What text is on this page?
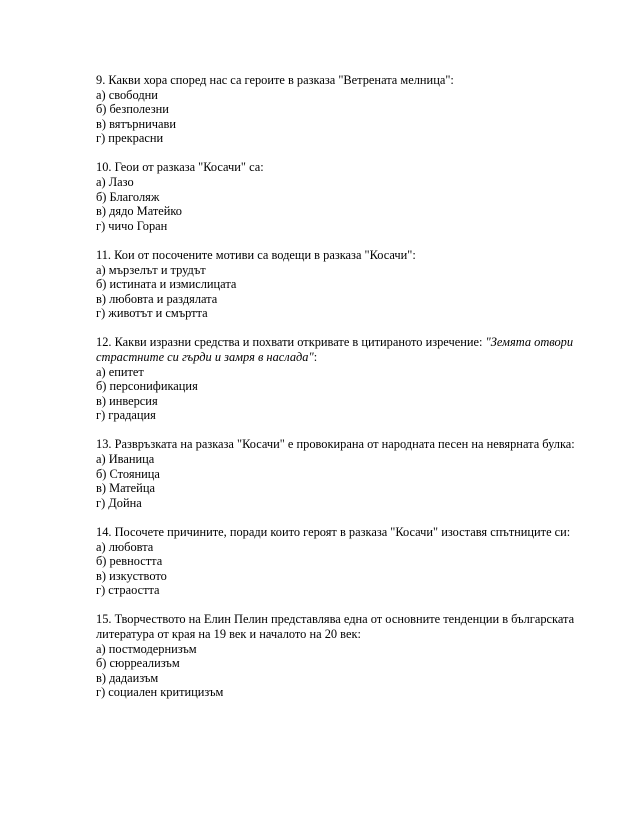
9. Какви хора според нас са героите в разказа "Ветрената мелница":
а) свободни
б) безполезни
в) вятърничави
г) прекрасни
10. Геои от разказа "Косачи" са:
а) Лазо
б) Благоляж
в) дядо Матейко
г) чичо Горан
11. Кои от посочените мотиви са водещи в разказа "Косачи":
а) мързелът и трудът
б) истината и измислицата
в) любовта и раздялата
г) животът и смъртта
12. Какви изразни средства и похвати откривате в цитираното изречение: "Земята отвори страстните си гърди и замря в наслада":
а) епитет
б) персонификация
в) инверсия
г) градация
13. Развръзката на разказа "Косачи" е провокирана от народната песен на невярната булка:
а) Иваница
б) Стояница
в) Матейца
г) Дойна
14. Посочете причините, поради които героят в разказа "Косачи" изоставя спътниците си:
а) любовта
б) ревността
в) изкуството
г) страостта
15. Творчеството на Елин Пелин представлява една от основните тенденции в българската литература от края на 19 век и началото на 20 век:
а) постмодернизъм
б) сюрреализъм
в) дадаизъм
г) социален критицизъм
